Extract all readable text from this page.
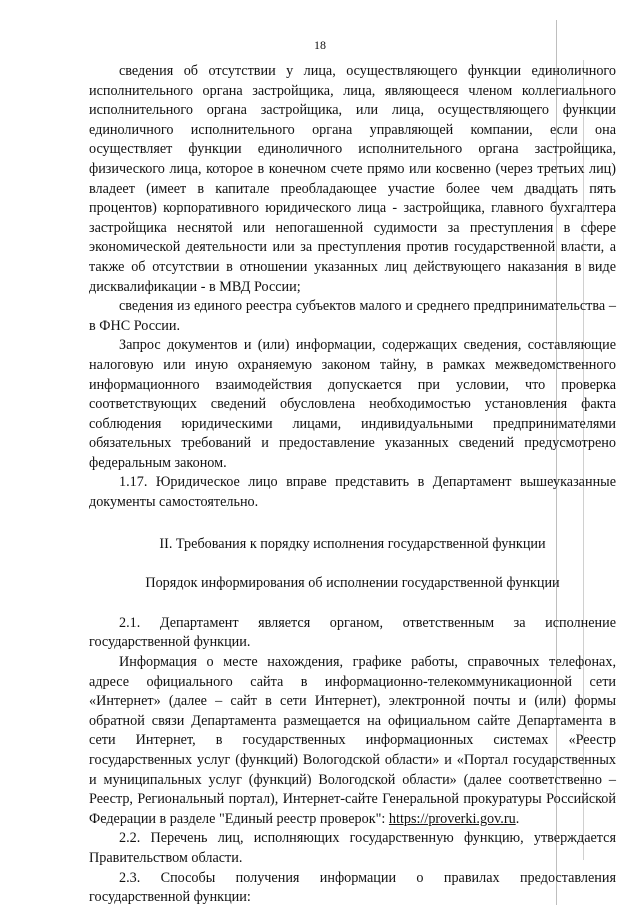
18

сведения об отсутствии у лица, осуществляющего функции единоличного исполнительного органа застройщика, лица, являющееся членом коллегиального исполнительного органа застройщика, или лица, осуществляющего функции единоличного исполнительного органа управляющей компании, если она осуществляет функции единоличного исполнительного органа застройщика, физического лица, которое в конечном счете прямо или косвенно (через третьих лиц) владеет (имеет в капитале преобладающее участие более чем двадцать пять процентов) корпоративного юридического лица - застройщика, главного бухгалтера застройщика неснятой или непогашенной судимости за преступления в сфере экономической деятельности или за преступления против государственной власти, а также об отсутствии в отношении указанных лиц действующего наказания в виде дисквалификации - в МВД России;

сведения из единого реестра субъектов малого и среднего предпринимательства – в ФНС России.

Запрос документов и (или) информации, содержащих сведения, составляющие налоговую или иную охраняемую законом тайну, в рамках межведомственного информационного взаимодействия допускается при условии, что проверка соответствующих сведений обусловлена необходимостью установления факта соблюдения юридическими лицами, индивидуальными предпринимателями обязательных требований и предоставление указанных сведений предусмотрено федеральным законом.

1.17. Юридическое лицо вправе представить в Департамент вышеуказанные документы самостоятельно.

II. Требования к порядку исполнения государственной функции

Порядок информирования об исполнении государственной функции

2.1. Департамент является органом, ответственным за исполнение государственной функции.

Информация о месте нахождения, графике работы, справочных телефонах, адресе официального сайта в информационно-телекоммуникационной сети «Интернет» (далее – сайт в сети Интернет), электронной почты и (или) формы обратной связи Департамента размещается на официальном сайте Департамента в сети Интернет, в государственных информационных системах «Реестр государственных услуг (функций) Вологодской области» и «Портал государственных и муниципальных услуг (функций) Вологодской области» (далее соответственно – Реестр, Региональный портал), Интернет-сайте Генеральной прокуратуры Российской Федерации в разделе "Единый реестр проверок": https://proverki.gov.ru.

2.2. Перечень лиц, исполняющих государственную функцию, утверждается Правительством области.

2.3. Способы получения информации о правилах предоставления государственной функции:
